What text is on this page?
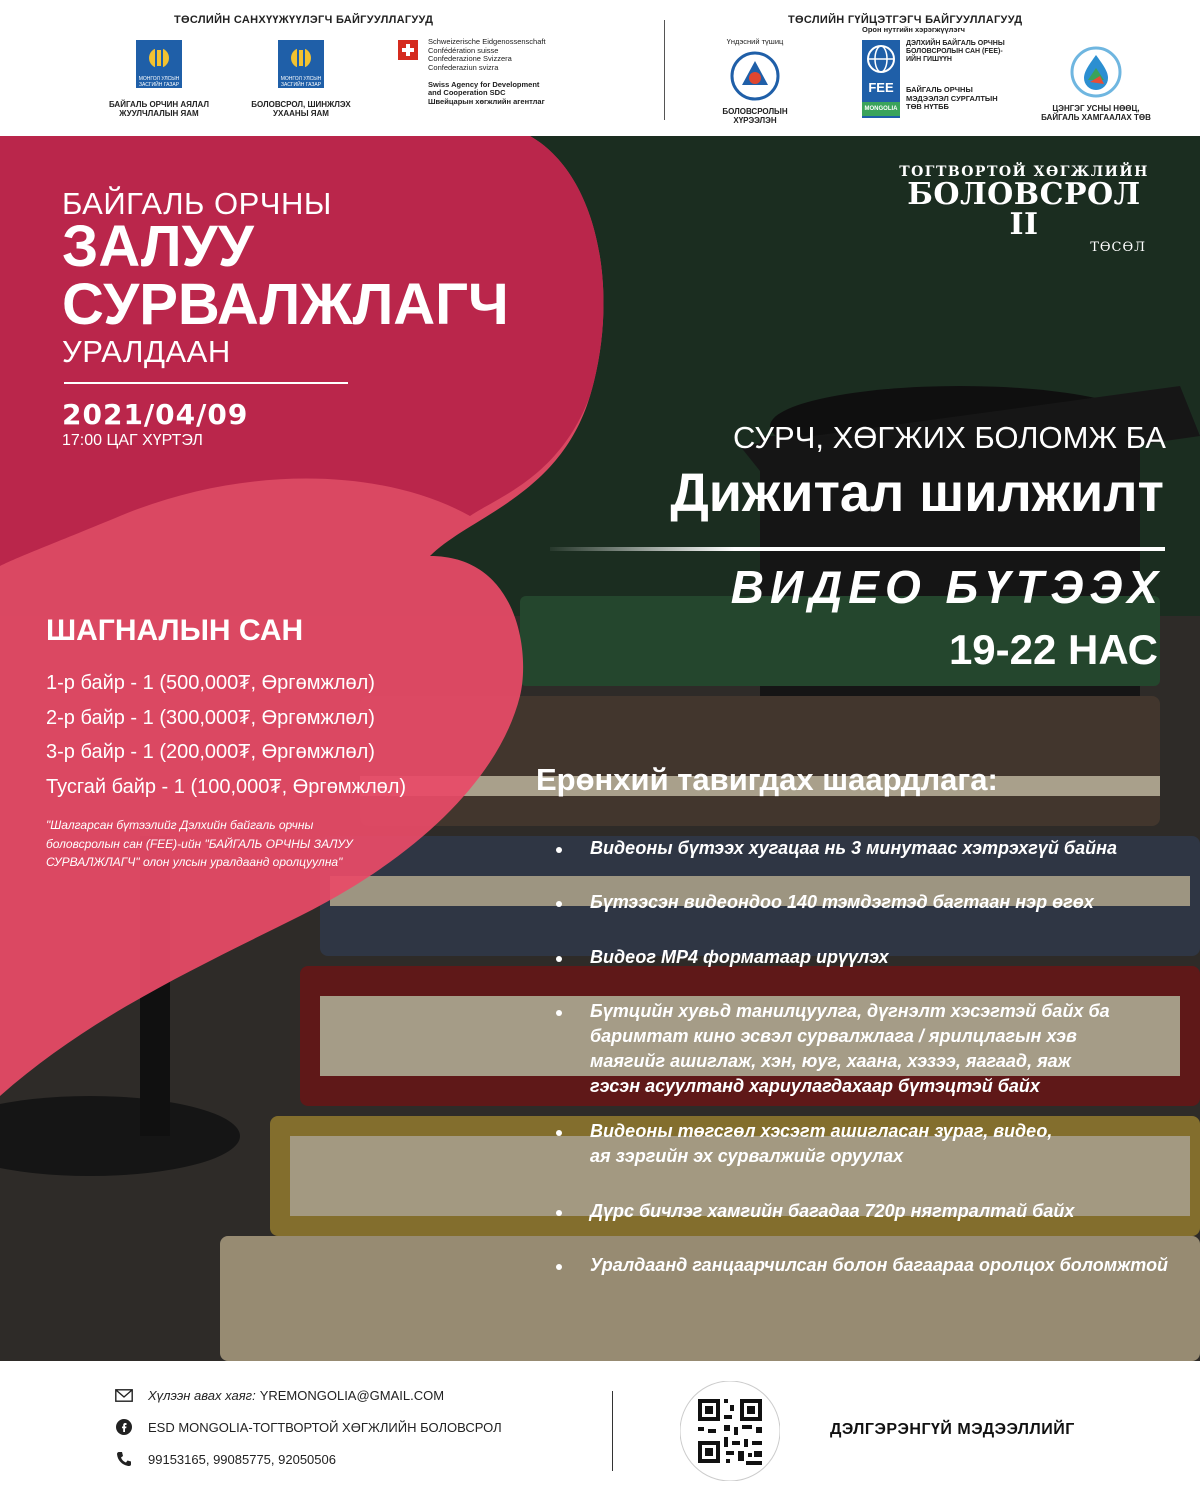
ТӨСЛИЙН САНХҮҮЖҮҮЛЭГЧ БАЙГУУЛЛАГУУД	ТӨСЛИЙН ГҮЙЦЭТГЭГЧ БАЙГУУЛЛАГУУД
МОНГОЛ УЛСЫН ЗАСГИЙН ГАЗАР
БАЙГАЛЬ ОРЧИН АЯЛАЛ ЖУУЛЧЛАЛЫН ЯАМ
МОНГОЛ УЛСЫН ЗАСГИЙН ГАЗАР
БОЛОВСРОЛ, ШИНЖЛЭХ УХААНЫ ЯАМ
Schweizerische Eidgenossenschaft
Confédération suisse
Confederazione Svizzera
Confederaziun svizra
Swiss Agency for Development
and Cooperation SDC
Швейцарын хөгжлийн агентлаг
Үндэсний түшиц
БОЛОВСРОЛЫН ХҮРЭЭЛЭН
Орон нутгийн хэрэгжүүлэгч
FEE
MONGOLIA
ДЭЛХИЙН БАЙГАЛЬ ОРЧНЫ БОЛОВСРОЛЫН САН (FEE)-ИЙН ГИШҮҮН
БАЙГАЛЬ ОРЧНЫ МЭДЭЭЛЭЛ СУРГАЛТЫН ТӨВ НҮТББ	ЦЭНГЭГ УСНЫ НӨӨЦ, БАЙГАЛЬ ХАМГААЛАХ ТӨВ
БАЙГАЛЬ ОРЧНЫ
ЗАЛУУ
СУРВАЛЖЛАГЧ
УРАЛДААН
2021/04/09
17:00 ЦАГ ХҮРТЭЛ
ШАГНАЛЫН САН
1-р байр - 1 (500,000₮, Өргөмжлөл)
2-р байр - 1 (300,000₮, Өргөмжлөл)
3-р байр - 1 (200,000₮, Өргөмжлөл)
Тусгай байр - 1 (100,000₮, Өргөмжлөл)
"Шалгарсан бүтээлийг Дэлхийн байгаль орчны боловсролын сан (FEE)-ийн "БАЙГАЛЬ ОРЧНЫ ЗАЛУУ СУРВАЛЖЛАГЧ" олон улсын уралдаанд оролцуулна"
ТОГТВОРТОЙ ХӨГЖЛИЙН
БОЛОВСРОЛ II
ТӨСӨЛ
СУРЧ, ХӨГЖИХ БОЛОМЖ БА
Дижитал шилжилт
ВИДЕО БҮТЭЭХ
19-22 НАС
Ерөнхий тавигдах шаардлага:
Видеоны бүтээх хугацаа нь 3 минутаас хэтрэхгүй байна
Бүтээсэн видеондоо 140 тэмдэгтэд багтаан нэр өгөх
Видеог MP4 форматаар ирүүлэх
Бүтцийн хувьд танилцуулга, дүгнэлт хэсэгтэй байх ба баримтат кино эсвэл сурвалжлага / ярилцлагын хэв маягийг ашиглаж, хэн, юуг, хаана, хэзээ, яагаад, яаж гэсэн асуултанд хариулагдахаар бүтэцтэй байх
Видеоны төгсгөл хэсэгт ашигласан зураг, видео, ая зэргийн эх сурвалжийг оруулах
Дүрс бичлэг хамгийн багадаа 720p нягтралтай байх
Уралдаанд ганцаарчилсан болон багаараа оролцох боломжтой
Хүлээн авах хаяг: YREMONGOLIA@GMAIL.COM
ESD MONGOLIA-ТОГТВОРТОЙ ХӨГЖЛИЙН БОЛОВСРОЛ
99153165, 99085775, 92050506
ДЭЛГЭРЭНГҮЙ МЭДЭЭЛЛИЙГ
